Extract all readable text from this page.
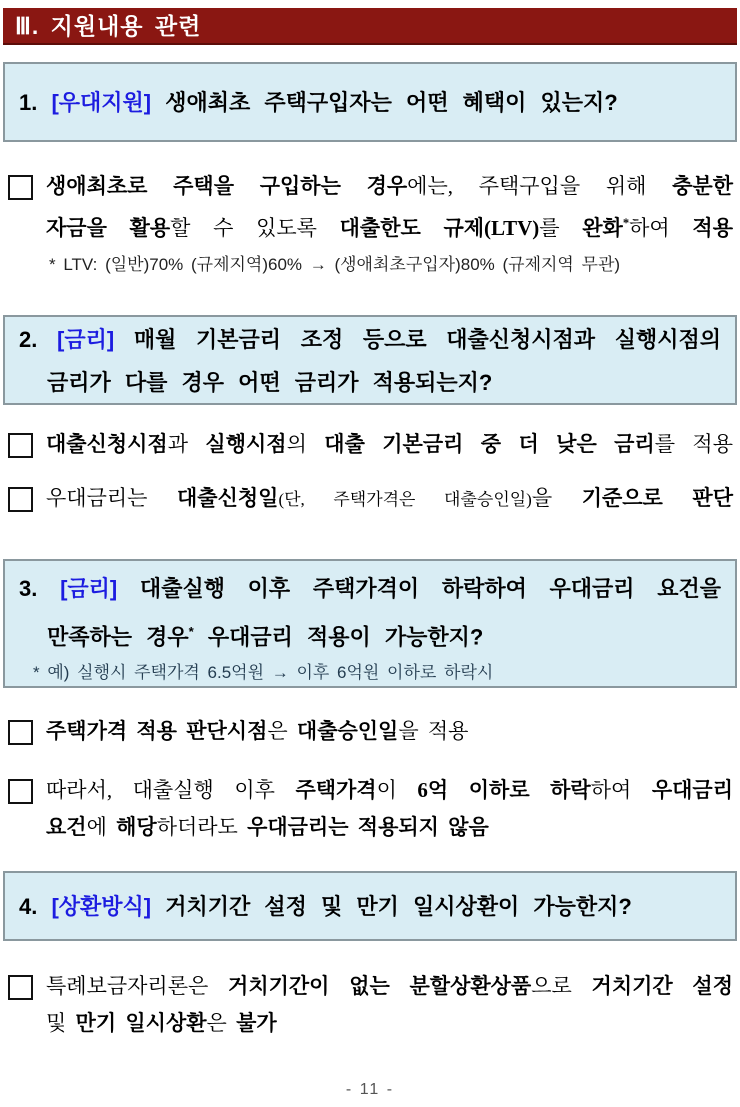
Ⅲ. 지원내용 관련
1. [우대지원] 생애최초 주택구입자는 어떤 혜택이 있는지?
생애최초로 주택을 구입하는 경우에는, 주택구입을 위해 충분한
자금을 활용할 수 있도록 대출한도 규제(LTV)를 완화*하여 적용
* LTV: (일반)70% (규제지역)60% → (생애최초구입자)80% (규제지역 무관)
2. [금리] 매월 기본금리 조정 등으로 대출신청시점과 실행시점의
금리가 다를 경우 어떤 금리가 적용되는지?
대출신청시점과 실행시점의 대출 기본금리 중 더 낮은 금리를 적용
우대금리는 대출신청일(단, 주택가격은 대출승인일)을 기준으로 판단
3. [금리] 대출실행 이후 주택가격이 하락하여 우대금리 요건을
만족하는 경우* 우대금리 적용이 가능한지?
* 예) 실행시 주택가격 6.5억원 → 이후 6억원 이하로 하락시
주택가격 적용 판단시점은 대출승인일을 적용
따라서, 대출실행 이후 주택가격이 6억 이하로 하락하여 우대금리
요건에 해당하더라도 우대금리는 적용되지 않음
4. [상환방식] 거치기간 설정 및 만기 일시상환이 가능한지?
특례보금자리론은 거치기간이 없는 분할상환상품으로 거치기간 설정
및 만기 일시상환은 불가
- 11 -
